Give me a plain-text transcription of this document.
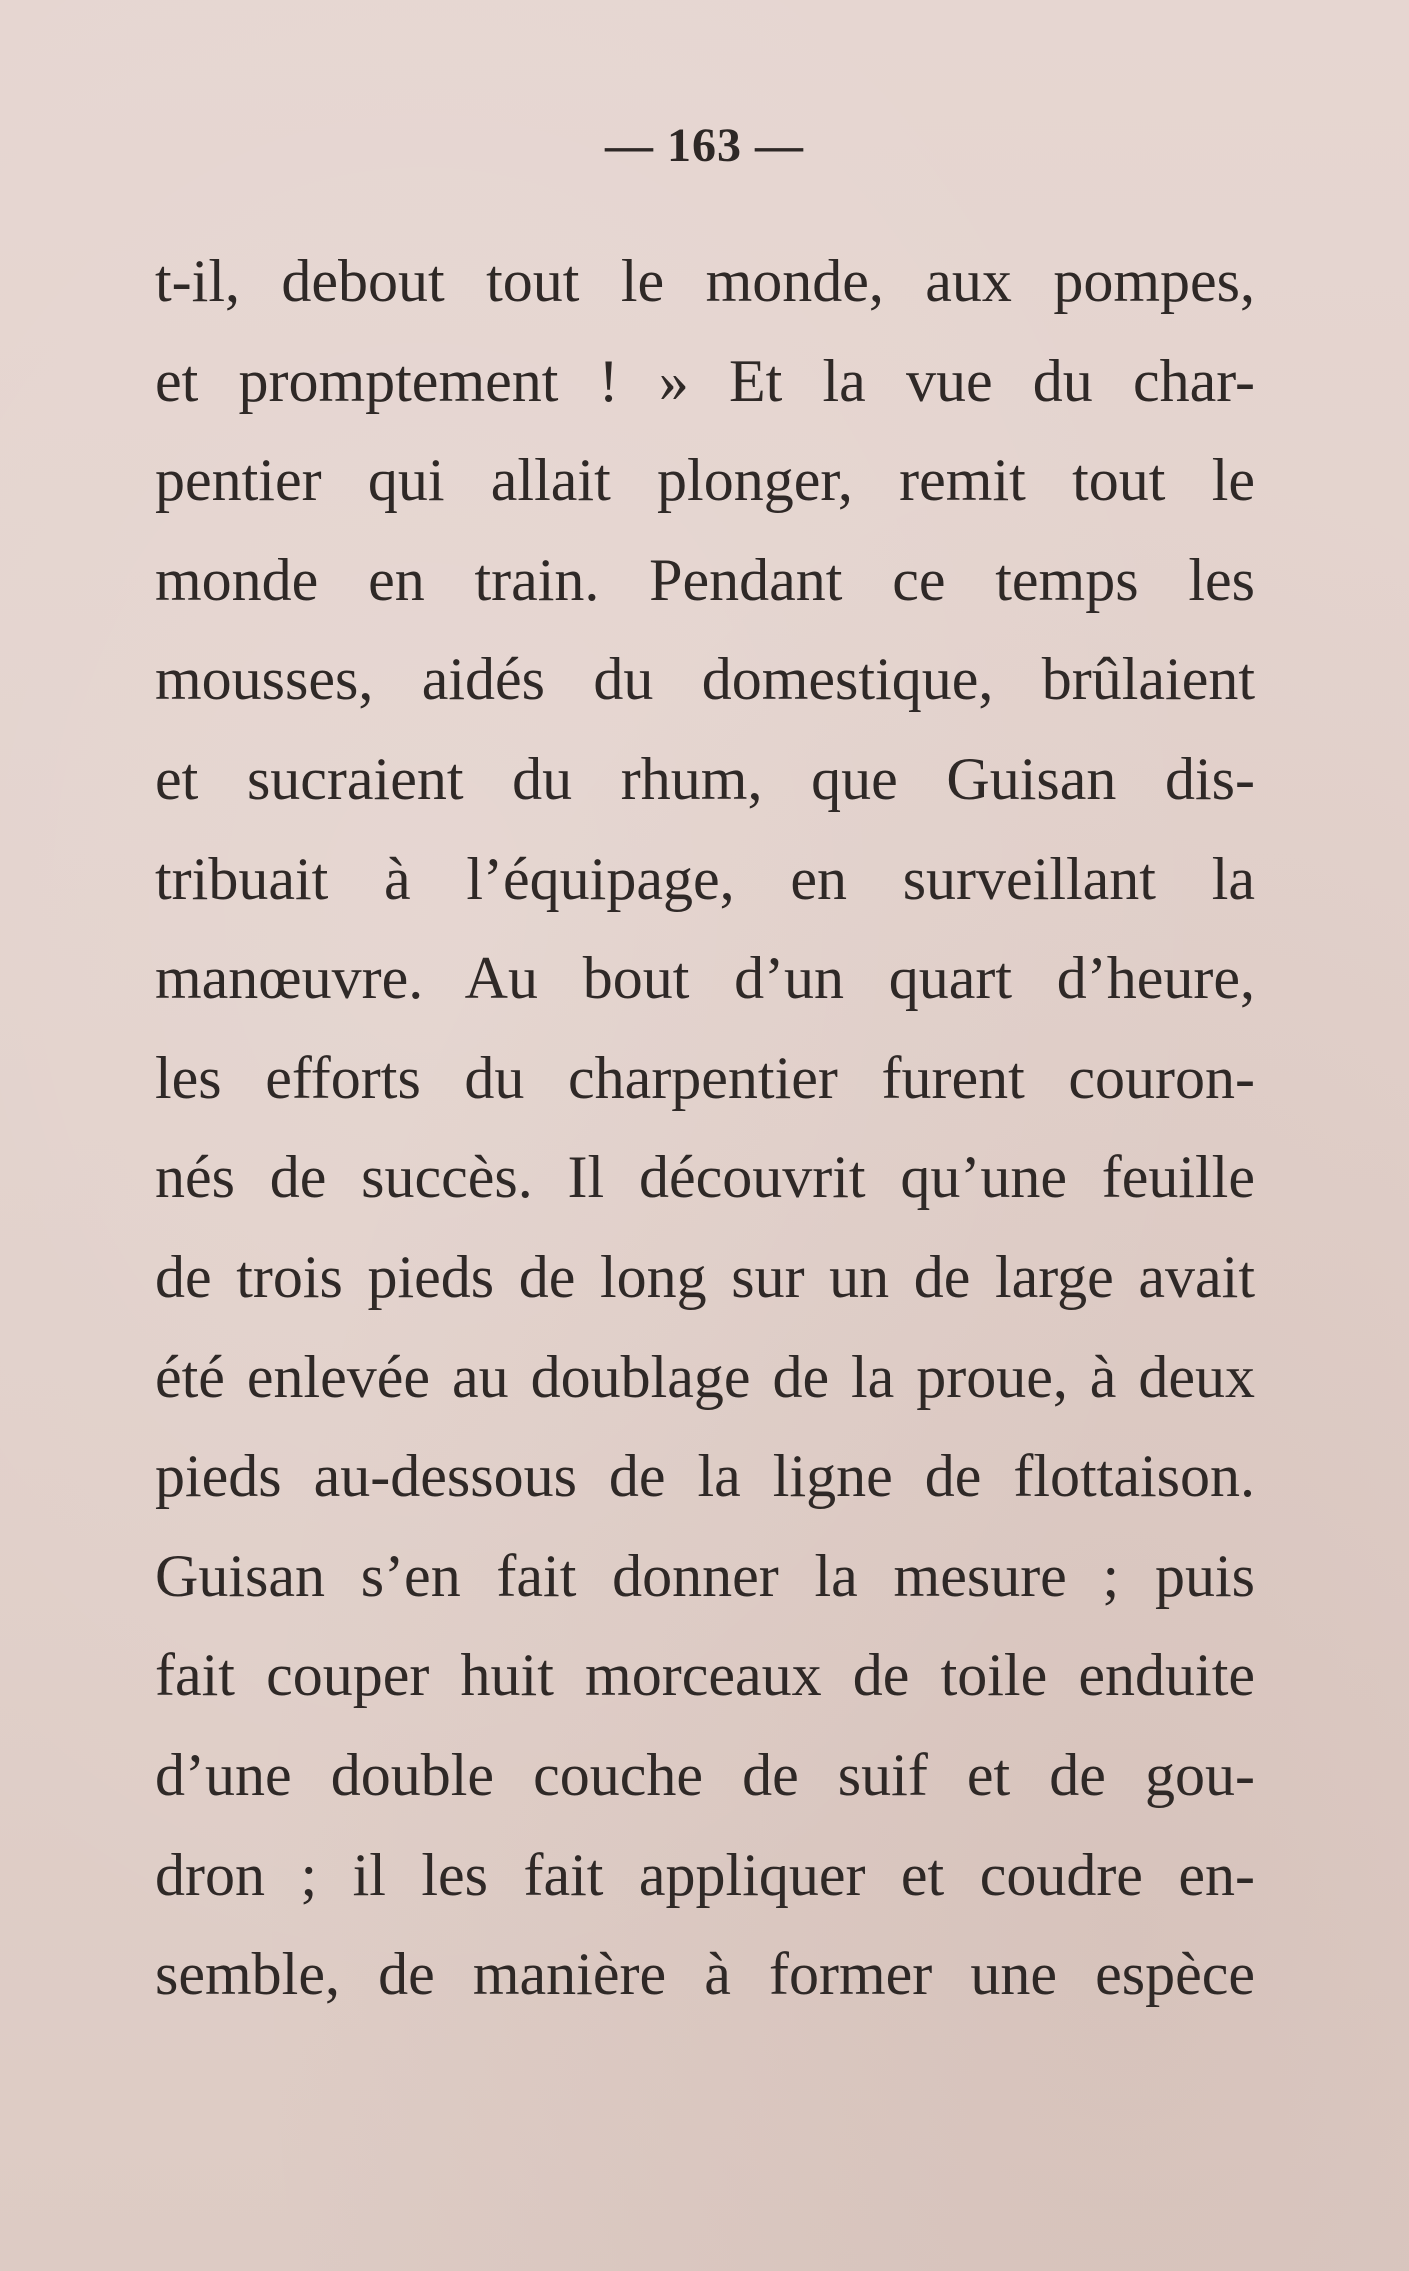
— 163 —
t-il, debout tout le monde, aux pompes,
et promptement ! » Et la vue du char-
pentier qui allait plonger, remit tout le
monde en train. Pendant ce temps les
mousses, aidés du domestique, brûlaient
et sucraient du rhum, que Guisan dis-
tribuait à l’équipage, en surveillant la
manœuvre. Au bout d’un quart d’heure,
les efforts du charpentier furent couron-
nés de succès. Il découvrit qu’une feuille
de trois pieds de long sur un de large avait
été enlevée au doublage de la proue, à deux
pieds au-dessous de la ligne de flottaison.
Guisan s’en fait donner la mesure ; puis
fait couper huit morceaux de toile enduite
d’une double couche de suif et de gou-
dron ; il les fait appliquer et coudre en-
semble, de manière à former une espèce
